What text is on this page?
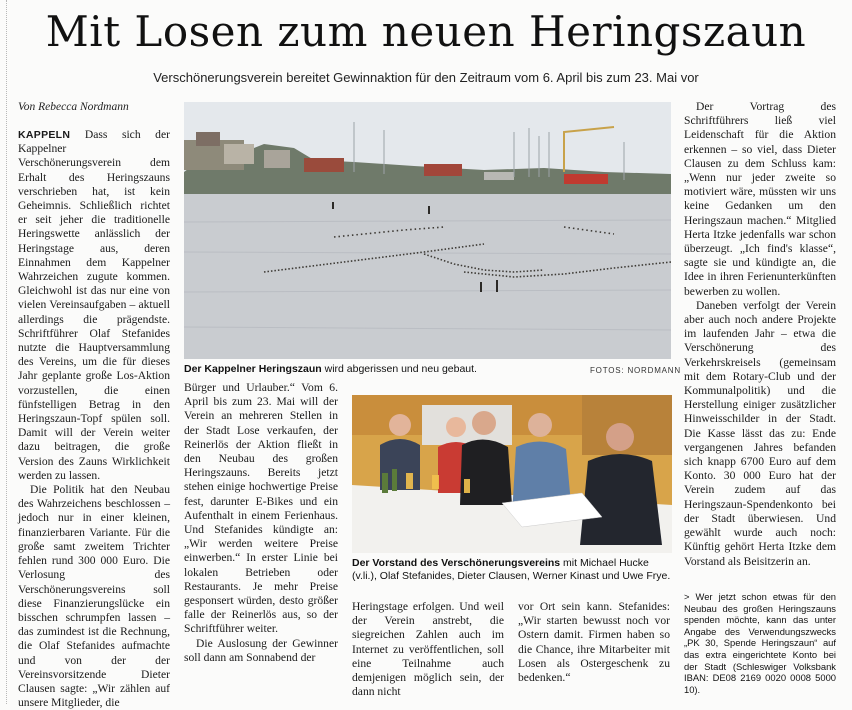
Mit Losen zum neuen Heringszaun
Verschönerungsverein bereitet Gewinnaktion für den Zeitraum vom 6. April bis zum 23. Mai vor
Von Rebecca Nordmann

KAPPELN Dass sich der Kappelner Verschönerungsverein dem Erhalt des Heringszauns verschrieben hat, ist kein Geheimnis. Schließlich richtet er seit jeher die traditionelle Heringswette anlässlich der Heringstage aus, deren Einnahmen dem Kappelner Wahrzeichen zugute kommen. Gleichwohl ist das nur eine von vielen Vereinsaufgaben – aktuell allerdings die prägendste. Schriftführer Olaf Stefanides nutzte die Hauptversammlung des Vereins, um die für dieses Jahr geplante große Los-Aktion vorzustellen, die einen fünfstelligen Betrag in den Heringszaun-Topf spülen soll. Damit will der Verein weiter dazu beitragen, die große Version des Zauns Wirklichkeit werden zu lassen.

Die Politik hat den Neubau des Wahrzeichens beschlossen – jedoch nur in einer kleinen, finanzierbaren Variante. Für die große samt zweitem Trichter fehlen rund 300 000 Euro. Die Verlosung des Verschönerungsvereins soll diese Finanzierungslücke ein bisschen schrumpfen lassen – das zumindest ist die Rechnung, die Olaf Stefanides aufmachte und von der der Vereinsvorsitzende Dieter Clausen sagte: „Wir zählen auf unsere Mitglieder, die

Der Kappelner Heringszaun wird abgerissen und neu gebaut.	FOTOS: NORDMANN

Bürger und Urlauber.“ Vom 6. April bis zum 23. Mai will der Verein an mehreren Stellen in der Stadt Lose verkaufen, der Reinerlös der Aktion fließt in den Neubau des großen Heringszauns. Bereits jetzt stehen einige hochwertige Preise fest, darunter E-Bikes und ein Aufenthalt in einem Ferienhaus. Und Stefanides kündigte an: „Wir werden weitere Preise einwerben.“ In erster Linie bei lokalen Betrieben oder Restaurants. Je mehr Preise gesponsert würden, desto größer falle der Reinerlös aus, so der Schriftführer weiter.

Die Auslosung der Gewinner soll dann am Sonnabend der

Der Vorstand des Verschönerungsvereins mit Michael Hucke (v.li.), Olaf Stefanides, Dieter Clausen, Werner Kinast und Uwe Frye.

Heringstage erfolgen. Und weil der Verein anstrebt, die siegreichen Zahlen auch im Internet zu veröffentlichen, soll eine Teilnahme auch demjenigen möglich sein, der dann nicht

vor Ort sein kann. Stefanides: „Wir starten bewusst noch vor Ostern damit. Firmen haben so die Chance, ihre Mitarbeiter mit Losen als Ostergeschenk zu bedenken.“

Der Vortrag des Schriftführers ließ viel Leidenschaft für die Aktion erkennen – so viel, dass Dieter Clausen zu dem Schluss kam: „Wenn nur jeder zweite so motiviert wäre, müssten wir uns keine Gedanken um den Heringszaun machen.“ Mitglied Herta Itzke jedenfalls war schon überzeugt. „Ich find's klasse“, sagte sie und kündigte an, die Idee in ihren Ferienunterkünften bewerben zu wollen.

Daneben verfolgt der Verein aber auch noch andere Projekte im laufenden Jahr – etwa die Verschönerung des Verkehrskreisels (gemeinsam mit dem Rotary-Club und der Kommunalpolitik) und die Herstellung einiger zusätzlicher Hinweisschilder in der Stadt. Die Kasse lässt das zu: Ende vergangenen Jahres befanden sich knapp 6700 Euro auf dem Konto. 30 000 Euro hat der Verein zudem auf das Heringszaun-Spendenkonto bei der Stadt überwiesen. Und gewählt wurde auch noch: Künftig gehört Herta Itzke dem Vorstand als Beisitzerin an.

> Wer jetzt schon etwas für den Neubau des großen Heringszauns spenden möchte, kann das unter Angabe des Verwendungszwecks „PK 30, Spende Heringszaun“ auf das extra eingerichtete Konto bei der Stadt (Schleswiger Volksbank IBAN: DE08 2169 0020 0008 5000 10).
